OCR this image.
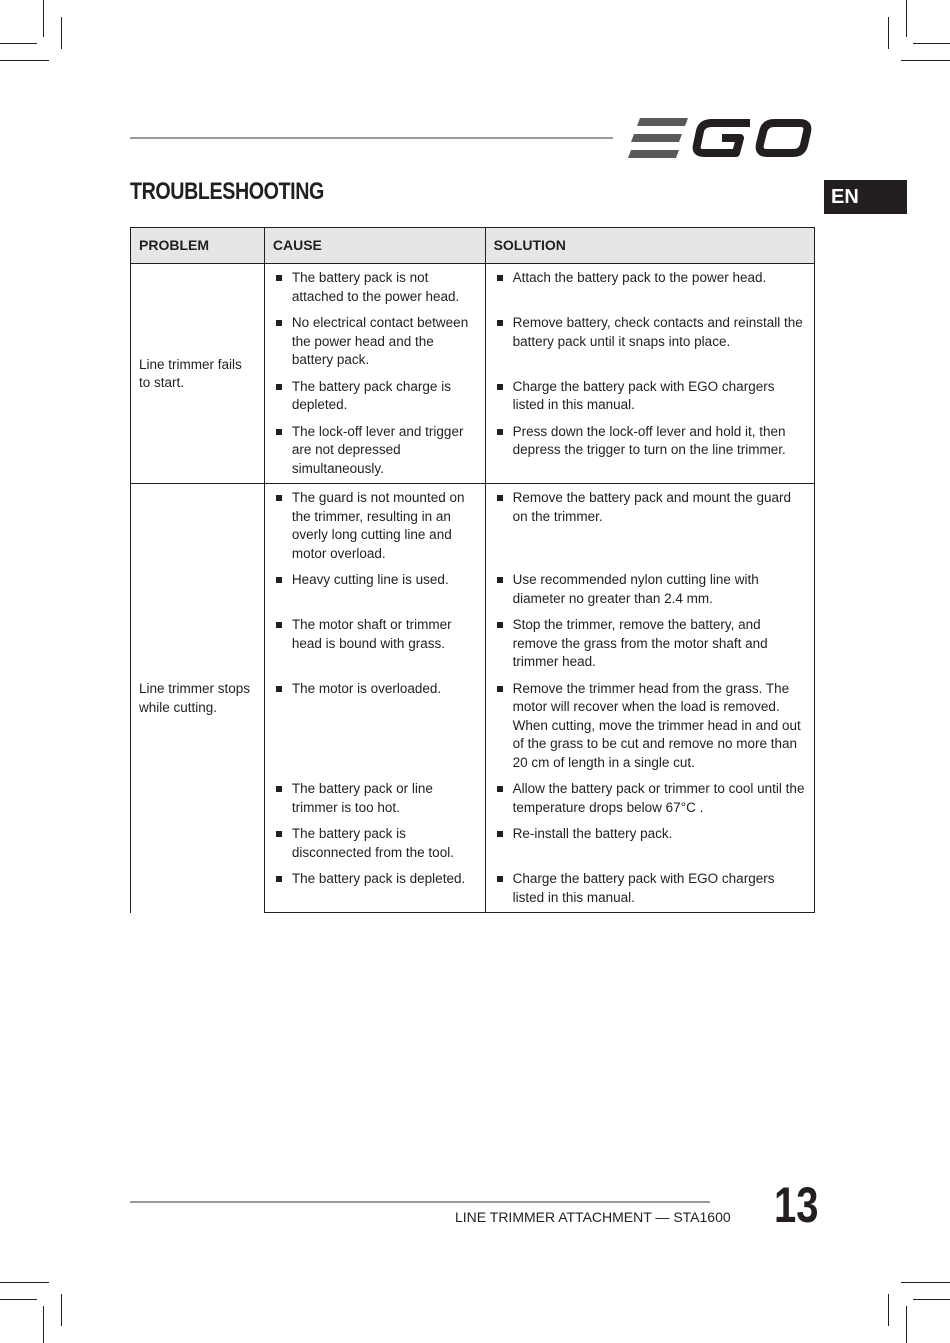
TROUBLESHOOTING	EN
PROBLEM	CAUSE	SOLUTION
Line trimmer fails to start.	The battery pack is not attached to the power head.	Attach the battery pack to the power head.

	No electrical contact between the power head and the battery pack.	Remove battery, check contacts and reinstall the battery pack until it snaps into place.

	The battery pack charge is depleted.	Charge the battery pack with EGO chargers listed in this manual.

	The lock-off lever and trigger are not depressed simultaneously.	Press down the lock-off lever and hold it, then depress the trigger to turn on the line trimmer.

Line trimmer stops while cutting.	The guard is not mounted on the trimmer, resulting in an overly long cutting line and motor overload.	Remove the battery pack and mount the guard on the trimmer.

	Heavy cutting line is used.	Use recommended nylon cutting line with diameter no greater than 2.4 mm.

	The motor shaft or trimmer head is bound with grass.	Stop the trimmer, remove the battery, and remove the grass from the motor shaft and trimmer head.

	The motor is overloaded.	Remove the trimmer head from the grass. The motor will recover when the load is removed. When cutting, move the trimmer head in and out of the grass to be cut and remove no more than 20 cm of length in a single cut.

	The battery pack or line trimmer is too hot.	Allow the battery pack or trimmer to cool until the temperature drops below 67°C .

	The battery pack is disconnected from the tool.	Re-install the battery pack.

	The battery pack is depleted.	Charge the battery pack with EGO chargers listed in this manual.
LINE TRIMMER ATTACHMENT — STA1600 13
